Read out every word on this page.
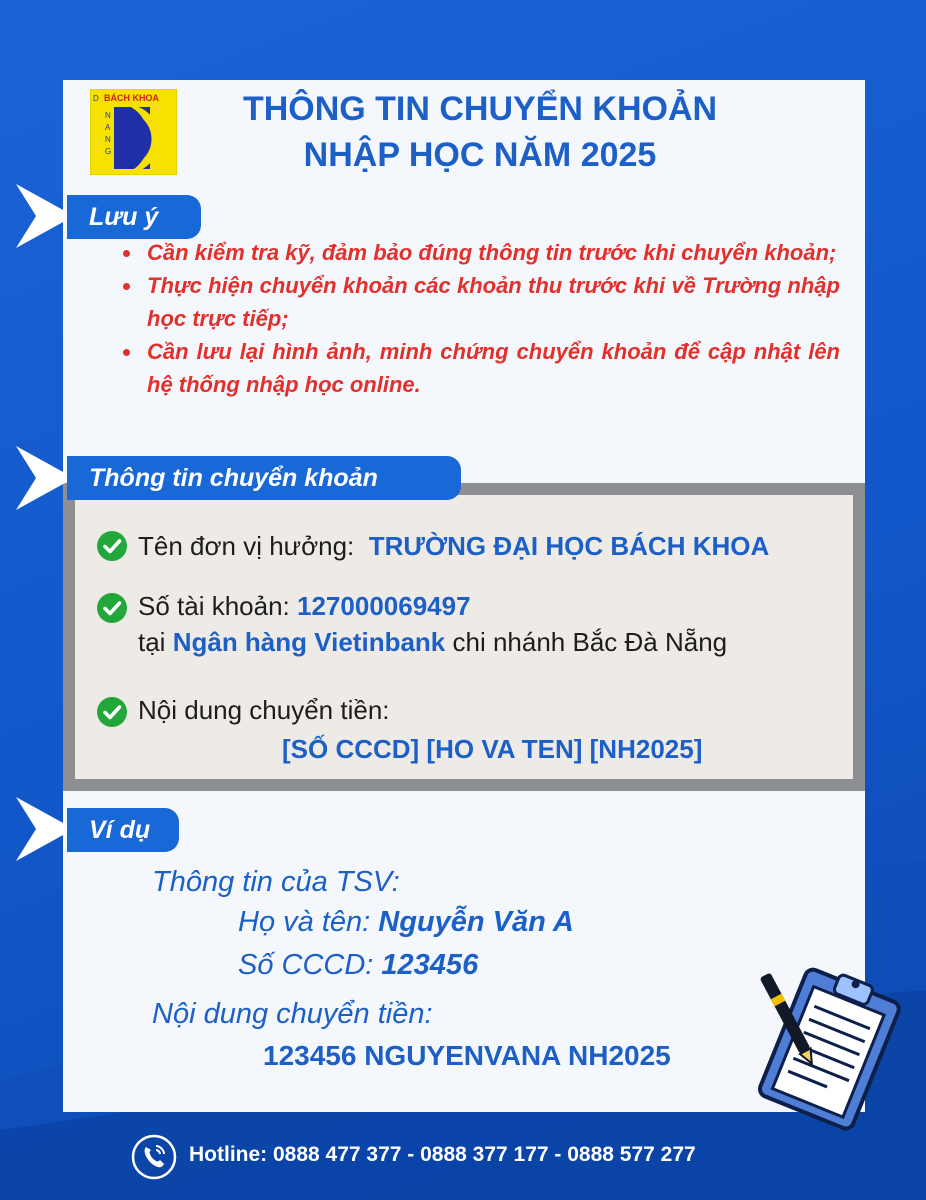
BÁCH KHOA
D
N
A
N
G
THÔNG TIN CHUYỂN KHOẢN
NHẬP HỌC NĂM 2025
Lưu ý
Cần kiểm tra kỹ, đảm bảo đúng thông tin trước khi chuyển khoản;
Thực hiện chuyển khoản các khoản thu trước khi về Trường nhập học trực tiếp;
Cần lưu lại hình ảnh, minh chứng chuyển khoản để cập nhật lên hệ thống nhập học online.
Thông tin chuyển khoản
Tên đơn vị hưởng: TRƯỜNG ĐẠI HỌC BÁCH KHOA
Số tài khoản: 127000069497
tại Ngân hàng Vietinbank chi nhánh Bắc Đà Nẵng
Nội dung chuyển tiền:
[SỐ CCCD] [HO VA TEN] [NH2025]
Ví dụ
Thông tin của TSV:
Họ và tên: Nguyễn Văn A
Số CCCD: 123456
Nội dung chuyển tiền:
123456 NGUYENVANA NH2025
Hotline: 0888 477 377 - 0888 377 177 - 0888 577 277
